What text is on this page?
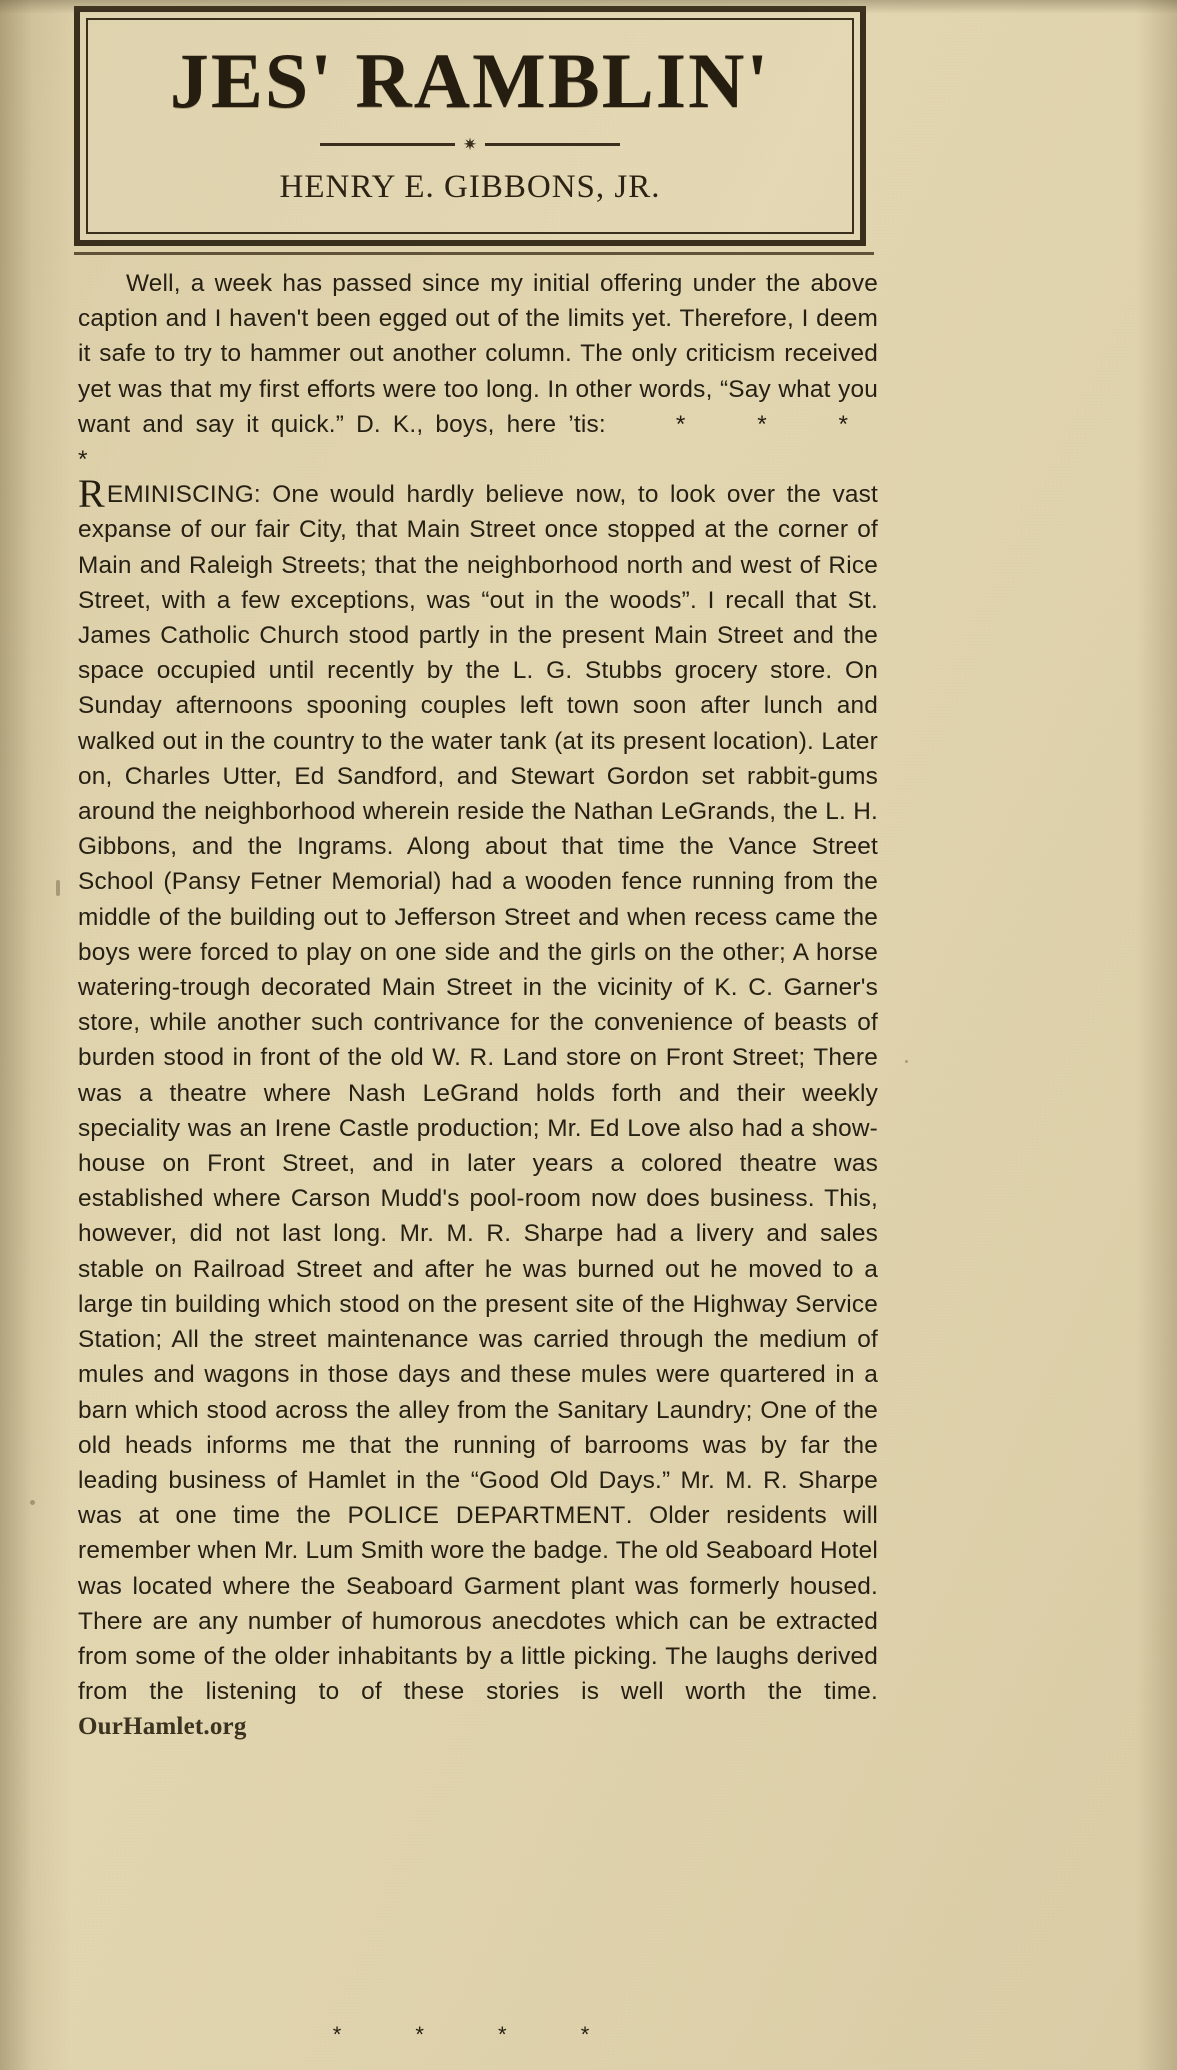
JES' RAMBLIN'
✷
HENRY E. GIBBONS, JR.

Well, a week has passed since my initial offering under the above caption and I haven't been egged out of the limits yet. Therefore, I deem it safe to try to hammer out another column. The only criticism received yet was that my first efforts were too long. In other words, “Say what you want and say it quick.” D. K., boys, here ’tis:	* * * *

REMINISCING: One would hardly believe now, to look over the vast expanse of our fair City, that Main Street once stopped at the corner of Main and Raleigh Streets; that the neighborhood north and west of Rice Street, with a few exceptions, was “out in the woods”. I recall that St. James Catholic Church stood partly in the present Main Street and the space occupied until recently by the L. G. Stubbs grocery store. On Sunday afternoons spooning couples left town soon after lunch and walked out in the country to the water tank (at its present location). Later on, Charles Utter, Ed Sandford, and Stewart Gordon set rabbit-gums around the neighborhood wherein reside the Nathan LeGrands, the L. H. Gibbons, and the Ingrams. Along about that time the Vance Street School (Pansy Fetner Memorial) had a wooden fence running from the middle of the building out to Jefferson Street and when recess came the boys were forced to play on one side and the girls on the other; A horse watering-trough decorated Main Street in the vicinity of K. C. Garner's store, while another such contrivance for the convenience of beasts of burden stood in front of the old W. R. Land store on Front Street; There was a theatre where Nash LeGrand holds forth and their weekly speciality was an Irene Castle production; Mr. Ed Love also had a show-house on Front Street, and in later years a colored theatre was established where Carson Mudd's pool-room now does business. This, however, did not last long. Mr. M. R. Sharpe had a livery and sales stable on Railroad Street and after he was burned out he moved to a large tin building which stood on the present site of the Highway Service Station; All the street maintenance was carried through the medium of mules and wagons in those days and these mules were quartered in a barn which stood across the alley from the Sanitary Laundry; One of the old heads informs me that the running of barrooms was by far the leading business of Hamlet in the “Good Old Days.” Mr. M. R. Sharpe was at one time the POLICE DEPARTMENT. Older residents will remember when Mr. Lum Smith wore the badge. The old Seaboard Hotel was located where the Seaboard Garment plant was formerly housed. There are any number of humorous anecdotes which can be extracted from some of the older inhabitants by a little picking. The laughs derived from the listening to of these stories is well worth the time. OurHamlet.org

* * * *
